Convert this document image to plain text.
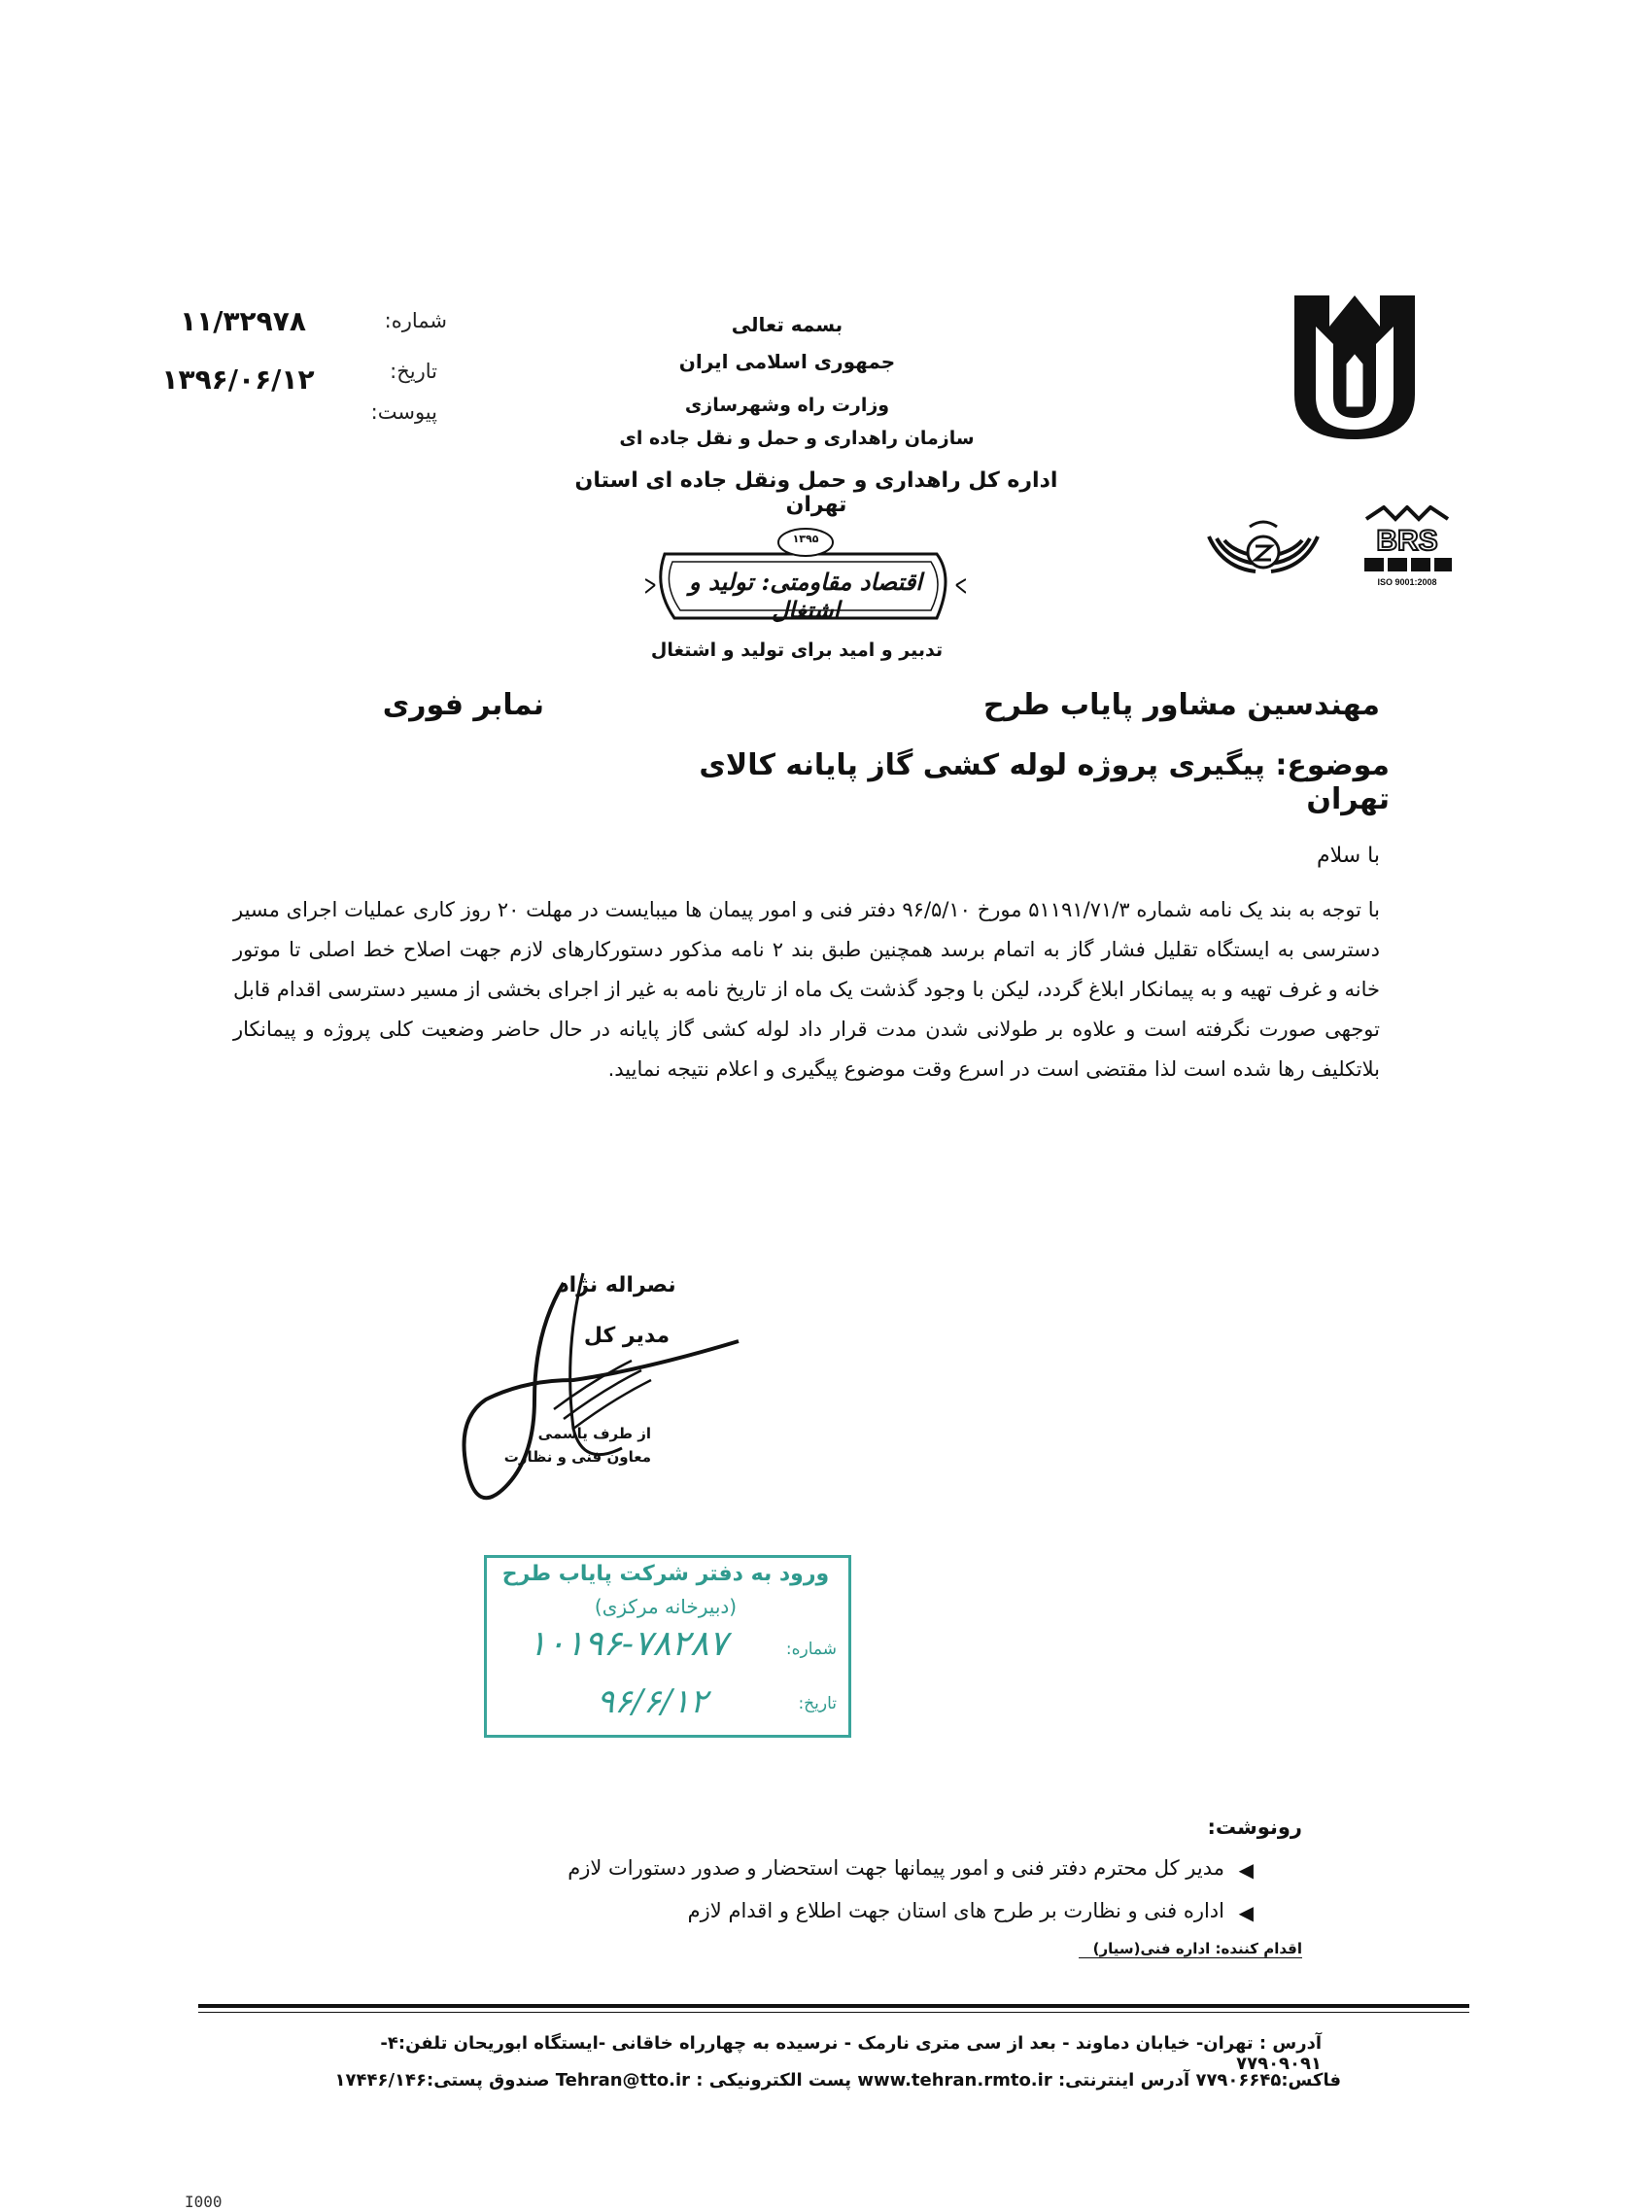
BRS
ISO 9001:2008
بسمه تعالی
جمهوری اسلامی ایران
وزارت راه وشهرسازی
سازمان راهداری و حمل و نقل جاده ای
اداره کل راهداری و حمل ونقل جاده ای استان تهران
شماره:
۱۱/۳۲۹۷۸
تاریخ:
۱۳۹۶/۰۶/۱۲
پیوست:
۱۳۹۵
اقتصاد مقاومتی: تولید و اشتغال
تدبیر و امید برای تولید و اشتغال
مهندسین مشاور پایاب طرح
نمابر فوری
موضوع: پیگیری پروژه لوله کشی گاز پایانه کالای تهران
با سلام
با توجه به بند یک نامه شماره ۵۱۱۹۱/۷۱/۳ مورخ ۹۶/۵/۱۰ دفتر فنی و امور پیمان ها میبایست در مهلت ۲۰ روز کاری عملیات اجرای مسیر دسترسی به ایستگاه تقلیل فشار گاز به اتمام برسد همچنین طبق بند ۲ نامه مذکور دستورکارهای لازم جهت اصلاح خط اصلی تا موتور خانه و غرف تهیه و به پیمانکار ابلاغ گردد، لیکن با وجود گذشت یک ماه از تاریخ نامه به غیر از اجرای بخشی از مسیر دسترسی اقدام قابل توجهی صورت نگرفته است و علاوه بر طولانی شدن مدت قرار داد لوله کشی گاز پایانه در حال حاضر وضعیت کلی پروژه و پیمانکار بلاتکلیف رها شده است لذا مقتضی است در اسرع وقت موضوع پیگیری و اعلام نتیجه نمایید.
نصراله نژاد
مدیر کل
از طرف یاسمی
معاون فنی و نظارت
ورود به دفتر شرکت پایاب طرح
(دبیرخانه مرکزی)
شماره:
۱۰۱۹۶-۷۸۲۸۷
تاریخ:
۹۶/۶/۱۲
رونوشت:
◀
مدیر کل محترم دفتر فنی و امور پیمانها جهت استحضار و صدور دستورات لازم
◀
اداره فنی و نظارت بر طرح های استان جهت اطلاع و اقدام لازم
اقدام کننده: اداره فنی(سیار)
آدرس : تهران- خیابان دماوند - بعد از سی متری نارمک - نرسیده به چهارراه خاقانی -ایستگاه ابوریحان تلفن:۴- ۷۷۹۰۹۰۹۱
فاکس:۷۷۹۰۶۶۴۵ آدرس اینترنتی: www.tehran.rmto.ir پست الکترونیکی : Tehran@tto.ir صندوق پستی:۱۷۴۴۶/۱۴۶
I000
